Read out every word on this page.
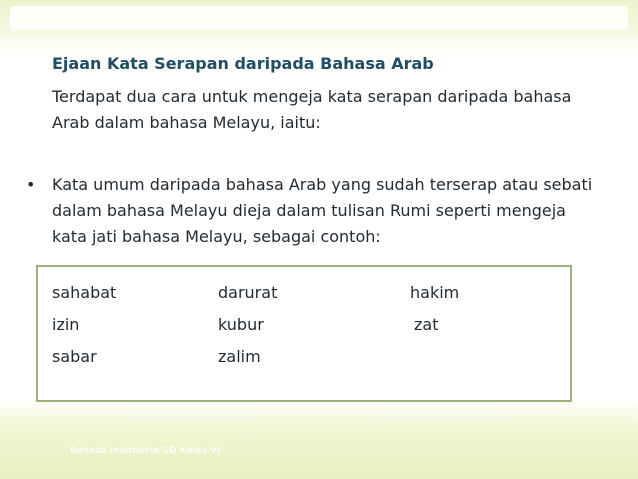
Ejaan Kata Serapan daripada Bahasa Arab
Terdapat dua cara untuk mengeja kata serapan daripada bahasa Arab dalam bahasa Melayu, iaitu:
• Kata umum daripada bahasa Arab yang sudah terserap atau sebati dalam bahasa Melayu dieja dalam tulisan Rumi seperti mengeja kata jati bahasa Melayu, sebagai contoh:
sahabat	darurat	hakim
izin	kubur	zat
sabar	zalim
Bahasa Indonesia SD Kelas VI
